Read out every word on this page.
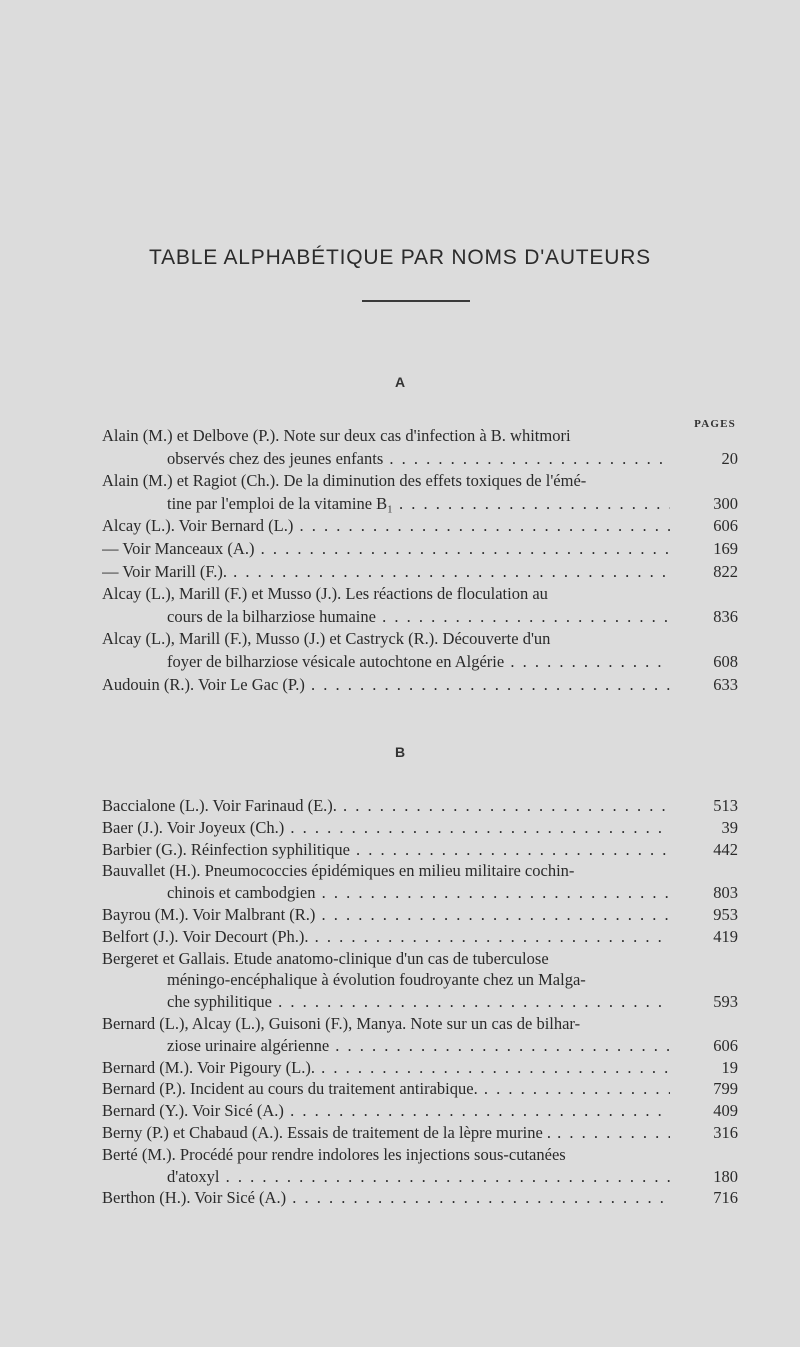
TABLE ALPHABÉTIQUE PAR NOMS D'AUTEURS
A
PAGES
B
Alain (M.) et Delbove (P.). Note sur deux cas d'infection à B. whitmori
observés chez des jeunes enfants . . .	20
Alain (M.) et Ragiot (Ch.). De la diminution des effets toxiques de l'émé-
tine par l'emploi de la vitamine B₁ . . .	300
Alcay (L.). Voir Bernard (L.) . . .	606
— Voir Manceaux (A.) . . .	169
— Voir Marill (F.). . . .	822
Alcay (L.), Marill (F.) et Musso (J.). Les réactions de floculation au
cours de la bilharziose humaine . . .	836
Alcay (L.), Marill (F.), Musso (J.) et Castryck (R.). Découverte d'un
foyer de bilharziose vésicale autochtone en Algérie . . .	608
Audouin (R.). Voir Le Gac (P.) . . .	633
Baccialone (L.). Voir Farinaud (E.). . . .	513
Baer (J.). Voir Joyeux (Ch.) . . .	39
Barbier (G.). Réinfection syphilitique . . .	442
Bauvallet (H.). Pneumococcies épidémiques en milieu militaire cochin-
chinois et cambodgien . . .	803
Bayrou (M.). Voir Malbrant (R.) . . .	953
Belfort (J.). Voir Decourt (Ph.). . . .	419
Bergeret et Gallais. Etude anatomo-clinique d'un cas de tuberculose
méningo-encéphalique à évolution foudroyante chez un Malga-
che syphilitique . . .	593
Bernard (L.), Alcay (L.), Guisoni (F.), Manya. Note sur un cas de bilhar-
ziose urinaire algérienne . . .	606
Bernard (M.). Voir Pigoury (L.). . . .	19
Bernard (P.). Incident au cours du traitement antirabique. . . .	799
Bernard (Y.). Voir Sicé (A.) . . .	409
Berny (P.) et Chabaud (A.). Essais de traitement de la lèpre murine . . . .	316
Berté (M.). Procédé pour rendre indolores les injections sous-cutanées
d'atoxyl . . .	180
Berthon (H.). Voir Sicé (A.) . . .	716
